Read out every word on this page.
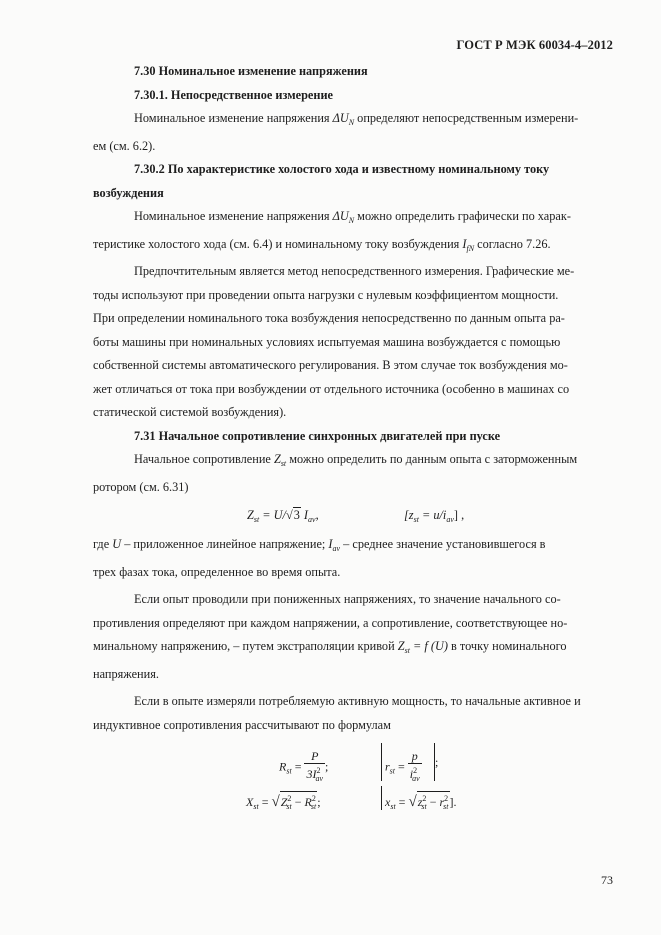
ГОСТ Р МЭК 60034-4–2012

7.30 Номинальное изменение напряжения

7.30.1. Непосредственное измерение

Номинальное изменение напряжения $\Delta U_N$ определяют непосредственным измерени-

ем (см. 6.2).

7.30.2 По характеристике холостого хода и известному номинальному току

возбуждения

Номинальное изменение напряжения $\Delta U_N$ можно определить графически по харак-

теристике холостого хода (см. 6.4) и номинальному току возбуждения $I_{fN}$ согласно 7.26.

Предпочтительным является метод непосредственного измерения. Графические ме-

тоды используют при проведении опыта нагрузки с нулевым коэффициентом мощности.

При определении номинального тока возбуждения непосредственно по данным опыта ра-

боты машины при номинальных условиях испытуемая машина возбуждается с помощью

собственной системы автоматического регулирования. В этом случае ток возбуждения мо-

жет отличаться от тока при возбуждении от отдельного источника (особенно в машинах со

статической системой возбуждения).

7.31 Начальное сопротивление синхронных двигателей при пуске

Начальное сопротивление $Z_{st}$ можно определить по данным опыта с заторможенным

ротором (см. 6.31)

$Z_{st} = U/√3$ $I_{av}$,	$[z_{st} = u/i_{av}]$ ,

где U – приложенное линейное напряжение; $I_{av}$ – среднее значение установившегося в

трех фазах тока, определенное во время опыта.

Если опыт проводили при пониженных напряжениях, то значение начального со-

противления определяют при каждом напряжении, а сопротивление, соответствующее но-

минальному напряжению, – путем экстраполяции кривой $Z_{st} = f$ (U) в точку номинального

напряжения.

Если в опыте измеряли потребляемую активную мощность, то начальные активное и

индуктивное сопротивления рассчитывают по формулам

$R_{st} = \frac{P}{3I^2_{av}}$ ;	$r_{st} = \frac{p}{i^2_{av}}$ ;
$X_{st} = √Z^2_{st} - R^2_{st}$;	$x_{st} = √z^2_{st} - r^2_{st}$].
73
